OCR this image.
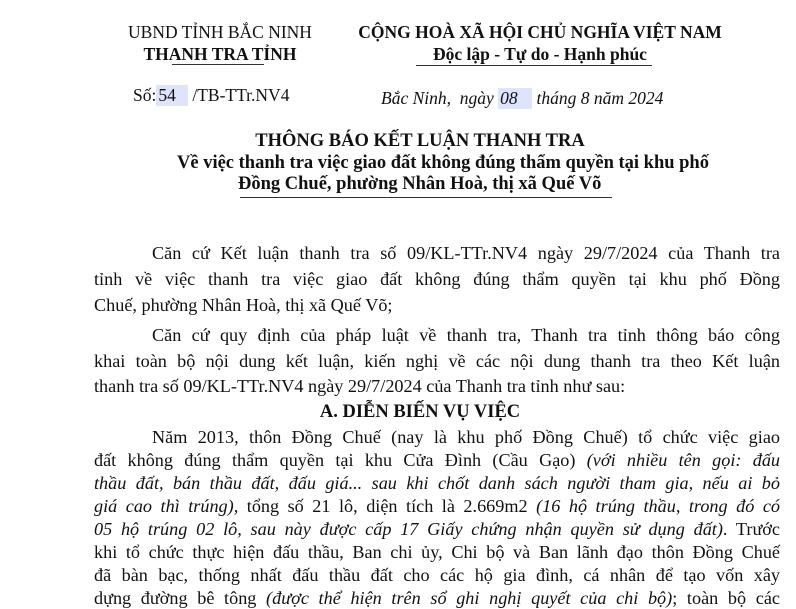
UBND TỈNH BẮC NINH
THANH TRA TỈNH
Số: 54 /TB-TTr.NV4
CỘNG HOÀ XÃ HỘI CHỦ NGHĨA VIỆT NAM
Độc lập - Tự do - Hạnh phúc
Bắc Ninh,  ngày 08 tháng 8 năm 2024
THÔNG BÁO KẾT LUẬN THANH TRA
Về việc thanh tra việc giao đất không đúng thẩm quyền tại khu phố
Đồng Chuế, phường Nhân Hoà, thị xã Quế Võ
Căn cứ Kết luận thanh tra số 09/KL-TTr.NV4 ngày 29/7/2024 của Thanh tra
tỉnh về việc thanh tra việc giao đất không đúng thẩm quyền tại khu phố Đồng
Chuế, phường Nhân Hoà, thị xã Quế Võ;
Căn cứ quy định của pháp luật về thanh tra, Thanh tra tỉnh thông báo công
khai toàn bộ nội dung kết luận, kiến nghị về các nội dung thanh tra theo Kết luận
thanh tra số 09/KL-TTr.NV4 ngày 29/7/2024 của Thanh tra tỉnh như sau:
A. DIỄN BIẾN VỤ VIỆC
Năm 2013, thôn Đồng Chuế (nay là khu phố Đồng Chuế) tổ chức việc giao
đất không đúng thẩm quyền tại khu Cửa Đình (Cầu Gạo) (với nhiều tên gọi: đấu
thầu đất, bán thầu đất, đấu giá... sau khi chốt danh sách người tham gia, nếu ai bỏ
giá cao thì trúng), tổng số 21 lô, diện tích là 2.669m2 (16 hộ trúng thầu, trong đó có
05 hộ trúng 02 lô, sau này được cấp 17 Giấy chứng nhận quyền sử dụng đất). Trước
khi tổ chức thực hiện đấu thầu, Ban chi ủy, Chi bộ và Ban lãnh đạo thôn Đồng Chuế
đã bàn bạc, thống nhất đấu thầu đất cho các hộ gia đình, cá nhân để tạo vốn xây
dựng đường bê tông (được thể hiện trên sổ ghi nghị quyết của chi bộ); toàn bộ các
